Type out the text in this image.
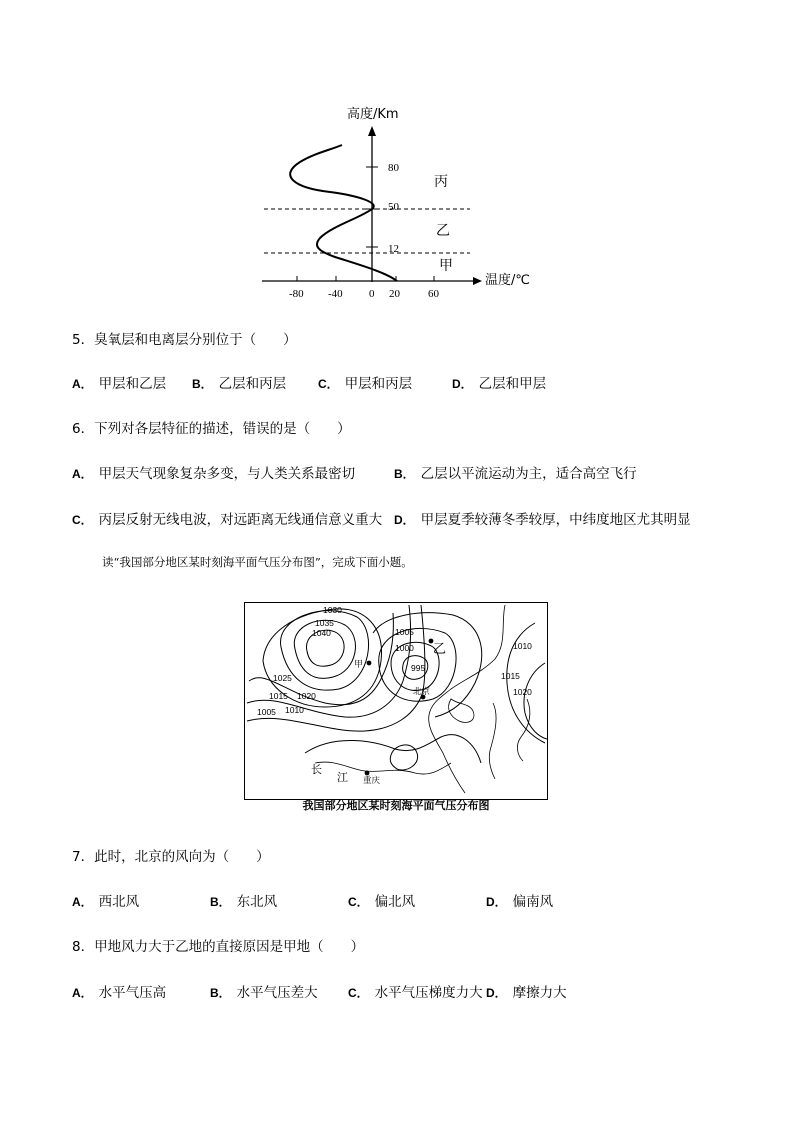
高度/Km
温度/℃
80
50
12
-80 -40 0 20	60
丙
乙
甲
5．臭氧层和电离层分别位于（　　）
A． 甲层和乙层 B． 乙层和丙层	C． 甲层和丙层	D． 乙层和甲层
6．下列对各层特征的描述，错误的是（　　）
A． 甲层天气现象复杂多变，与人类关系最密切	B． 乙层以平流运动为主，适合高空飞行
C． 丙层反射无线电波，对远距离无线通信意义重大 D． 甲层夏季较薄冬季较厚，中纬度地区尤其明显
读“我国部分地区某时刻海平面气压分布图”，完成下面小题。
1030
1035
1040
1025
1015 1020
1005 1010
1005
1000
995
1010
1015
1020
甲
乙
北京
重庆
长
江
我国部分地区某时刻海平面气压分布图
7．此时，北京的风向为（　　）
A． 西北风	B． 东北风	C． 偏北风	D． 偏南风
8．甲地风力大于乙地的直接原因是甲地（　　）
A． 水平气压高	B． 水平气压差大	C． 水平气压梯度力大 D． 摩擦力大
